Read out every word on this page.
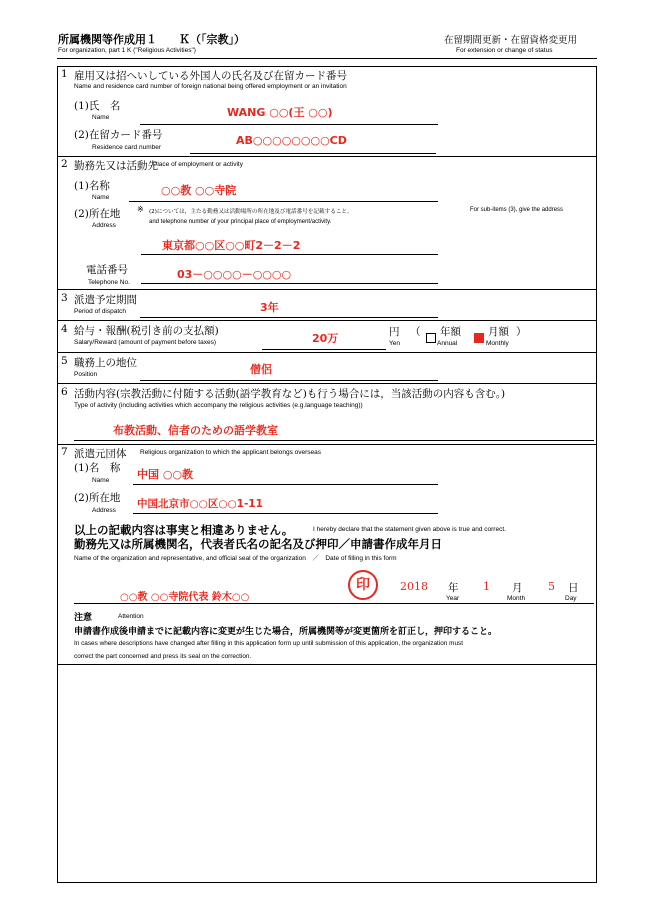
所属機関等作成用１　　Ｋ（「宗教」）
For organization, part 1 K ("Religious Activities")
在留期間更新・在留資格変更用
For extension or change of status
1 雇用又は招へいしている外国人の氏名及び在留カード番号
Name and residence card number of foreign national being offered employment or an invitation
(1)氏　名
Name	WANG ○○(王 ○○)
(2)在留カード番号
Residence card number
AB○○○○○○○○CD
2 勤務先又は活動先
Place of employment or activity
(1)名称
Name
○○教 ○○寺院
(2)所在地
Address
※ (2)については，主たる勤務又は活動場所の所在地及び電話番号を記載すること。	For sub-items (3), give the address
and telephone number of your principal place of employment/activity.
東京都○○区○○町2－2－2
電話番号
Telephone No.
03－○○○○－○○○○
3 派遣予定期間
Period of dispatch	3年
4 給与・報酬(税引き前の支払額)
Salary/Reward (amount of payment before taxes)	20万	円
Yen
（ 年額
Annual
月額
Monthly
）
5 職務上の地位
Position	僧侶
6 活動内容(宗教活動に付随する活動(語学教育など)も行う場合には，当該活動の内容も含む。)
Type of activity (including activities which accompany the religious activities (e.g.language teaching))
布教活動、信者のための語学教室
7 派遣元団体 Religious organization to which the applicant belongs overseas
(1)名　称
Name	中国 ○○教
(2)所在地
Address
中国北京市○○区○○1-11
以上の記載内容は事実と相違ありません。	I hereby declare that the statement given above is true and correct.
勤務先又は所属機関名，代表者氏名の記名及び押印／申請書作成年月日
Name of the organization and representative, and official seal of the organization　／　Date of filling in this form
○○教 ○○寺院代表 鈴木○○
印	2018 年
Year
1 月
Month
5 日
Day
注意	Attention
申請書作成後申請までに記載内容に変更が生じた場合，所属機関等が変更箇所を訂正し，押印すること。
In cases where descriptions have changed after filling in this application form up until submission of this application, the organization must
correct the part concerned and press its seal on the correction.
